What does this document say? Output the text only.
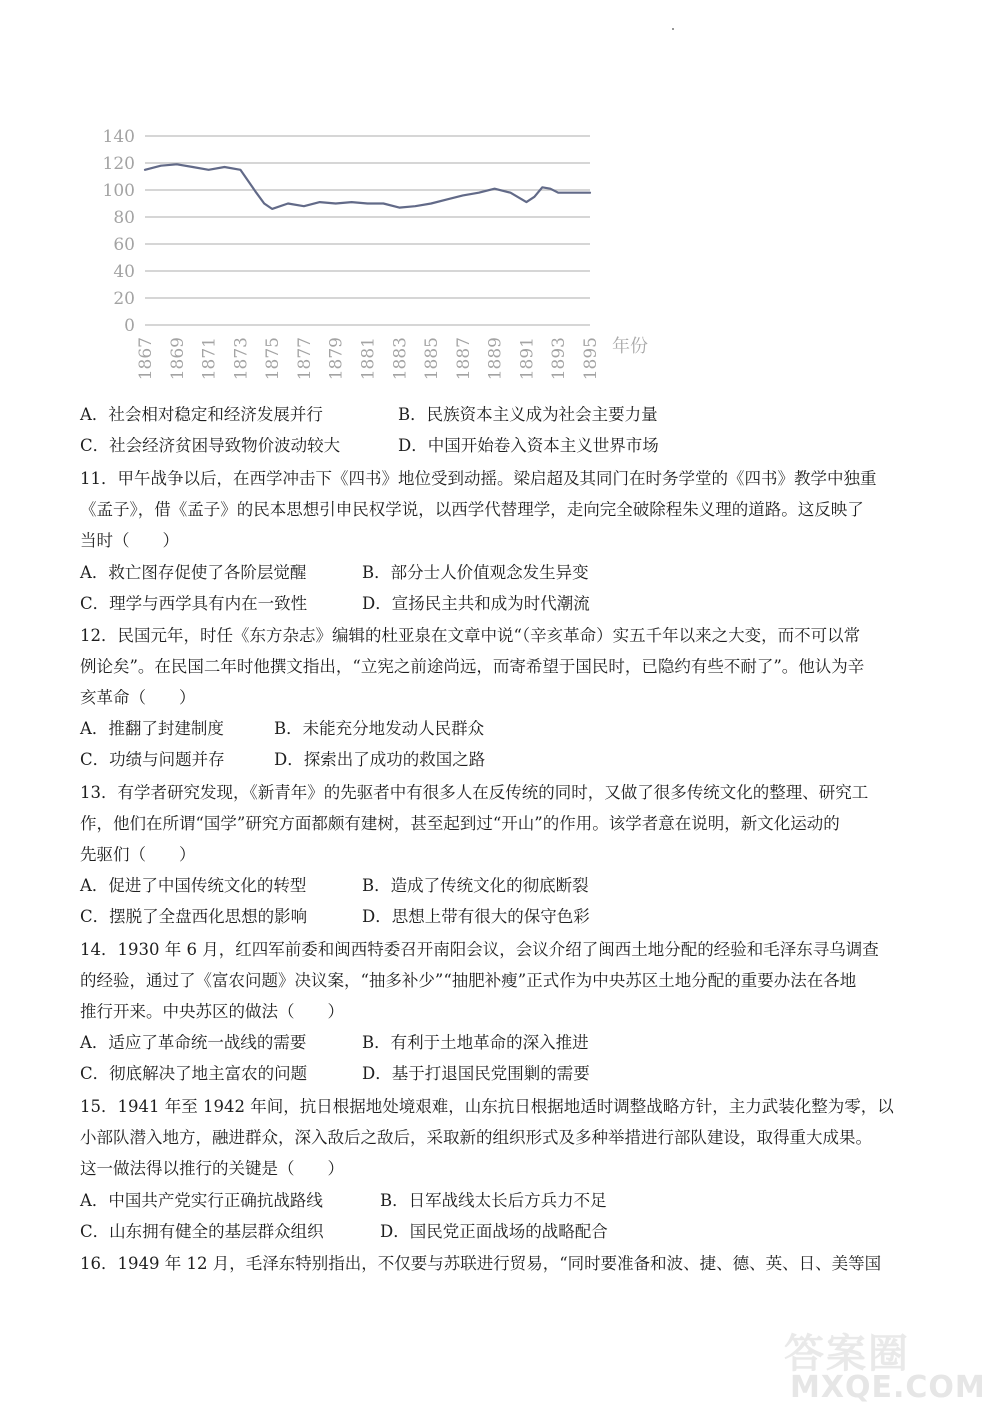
0
20
40
60
80
100
120
140
1867 1869 1871 1873 1875 1877 1879 1881 1883 1885 1887 1889 1891 1893 1895 年份
A．社会相对稳定和经济发展并行	B．民族资本主义成为社会主要力量
C．社会经济贫困导致物价波动较大	D．中国开始卷入资本主义世界市场
11．甲午战争以后，在西学冲击下《四书》地位受到动摇。梁启超及其同门在时务学堂的《四书》教学中独重
《孟子》，借《孟子》的民本思想引申民权学说，以西学代替理学，走向完全破除程朱义理的道路。这反映了
当时（　　）
A．救亡图存促使了各阶层觉醒	B．部分士人价值观念发生异变
C．理学与西学具有内在一致性	D．宣扬民主共和成为时代潮流
12．民国元年，时任《东方杂志》编辑的杜亚泉在文章中说“（辛亥革命）实五千年以来之大变，而不可以常
例论矣”。在民国二年时他撰文指出，“立宪之前途尚远，而寄希望于国民时，已隐约有些不耐了”。他认为辛
亥革命（　　）
A．推翻了封建制度	B．未能充分地发动人民群众
C．功绩与问题并存	D．探索出了成功的救国之路
13．有学者研究发现，《新青年》的先驱者中有很多人在反传统的同时，又做了很多传统文化的整理、研究工
作，他们在所谓“国学”研究方面都颇有建树，甚至起到过“开山”的作用。该学者意在说明，新文化运动的
先驱们（　　）
A．促进了中国传统文化的转型	B．造成了传统文化的彻底断裂
C．摆脱了全盘西化思想的影响	D．思想上带有很大的保守色彩
14．1930 年 6 月，红四军前委和闽西特委召开南阳会议，会议介绍了闽西土地分配的经验和毛泽东寻乌调查
的经验，通过了《富农问题》决议案，“抽多补少”“抽肥补瘦”正式作为中央苏区土地分配的重要办法在各地
推行开来。中央苏区的做法（　　）
A．适应了革命统一战线的需要	B．有利于土地革命的深入推进
C．彻底解决了地主富农的问题	D．基于打退国民党围剿的需要
15．1941 年至 1942 年间，抗日根据地处境艰难，山东抗日根据地适时调整战略方针，主力武装化整为零，以
小部队潜入地方，融进群众，深入敌后之敌后，采取新的组织形式及多种举措进行部队建设，取得重大成果。
这一做法得以推行的关键是（　　）
A．中国共产党实行正确抗战路线	B．日军战线太长后方兵力不足
C．山东拥有健全的基层群众组织	D．国民党正面战场的战略配合
16．1949 年 12 月，毛泽东特别指出，不仅要与苏联进行贸易，“同时要准备和波、捷、德、英、日、美等国
答案圈
MXQE.COM
